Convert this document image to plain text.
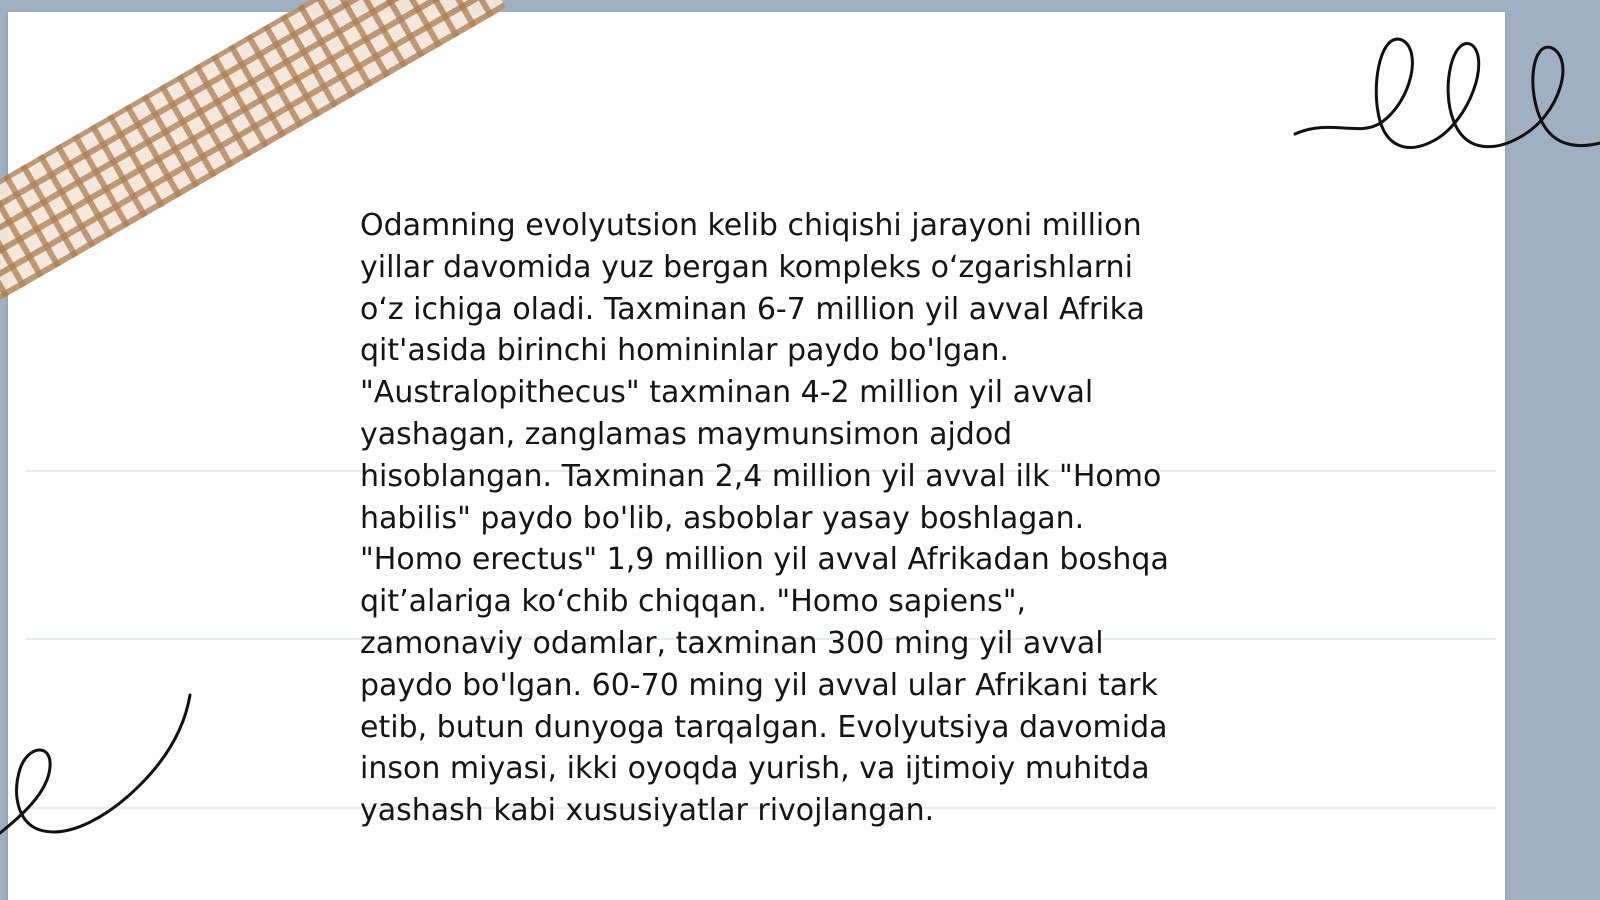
Odamning evolyutsion kelib chiqishi jarayoni million
yillar davomida yuz bergan kompleks oʻzgarishlarni
oʻz ichiga oladi. Taxminan 6-7 million yil avval Afrika
qit'asida birinchi homininlar paydo bo'lgan.
"Australopithecus" taxminan 4-2 million yil avval
yashagan, zanglamas maymunsimon ajdod
hisoblangan. Taxminan 2,4 million yil avval ilk "Homo
habilis" paydo bo'lib, asboblar yasay boshlagan.
"Homo erectus" 1,9 million yil avval Afrikadan boshqa
qit’alariga koʻchib chiqqan. "Homo sapiens",
zamonaviy odamlar, taxminan 300 ming yil avval
paydo bo'lgan. 60-70 ming yil avval ular Afrikani tark
etib, butun dunyoga tarqalgan. Evolyutsiya davomida
inson miyasi, ikki oyoqda yurish, va ijtimoiy muhitda
yashash kabi xususiyatlar rivojlangan.
